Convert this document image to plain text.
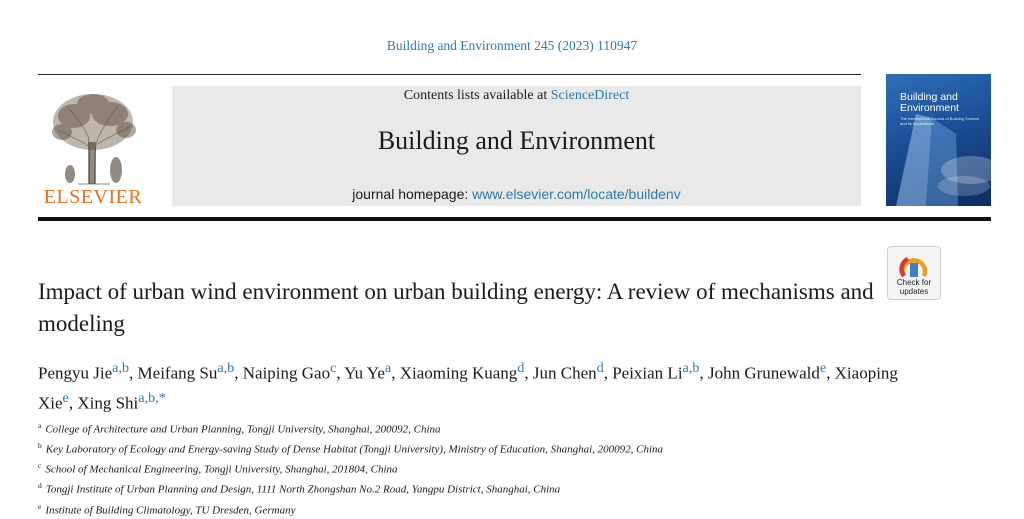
Building and Environment 245 (2023) 110947
ELSEVIER
Contents lists available at ScienceDirect
Building and Environment
journal homepage: www.elsevier.com/locate/buildenv
Building and
Environment
The International Journal of Building Science and its Applications
Check for
updates
Impact of urban wind environment on urban building energy: A review of mechanisms and modeling
Pengyu Jie$^{a,b}$, Meifang Su$^{a,b}$, Naiping Gao$^c$, Yu Ye$^a$, Xiaoming Kuang$^d$, Jun Chen$^d$, Peixian Li$^{a,b}$, John Grunewald$^e$, Xiaoping Xie$^e$, Xing Shi$^{a,b,*}$
$^a$ College of Architecture and Urban Planning, Tongji University, Shanghai, 200092, China
$^b$ Key Laboratory of Ecology and Energy-saving Study of Dense Habitat (Tongji University), Ministry of Education, Shanghai, 200092, China
$^c$ School of Mechanical Engineering, Tongji University, Shanghai, 201804, China
$^d$ Tongji Institute of Urban Planning and Design, 1111 North Zhongshan No.2 Road, Yangpu District, Shanghai, China
$^e$ Institute of Building Climatology, TU Dresden, Germany
